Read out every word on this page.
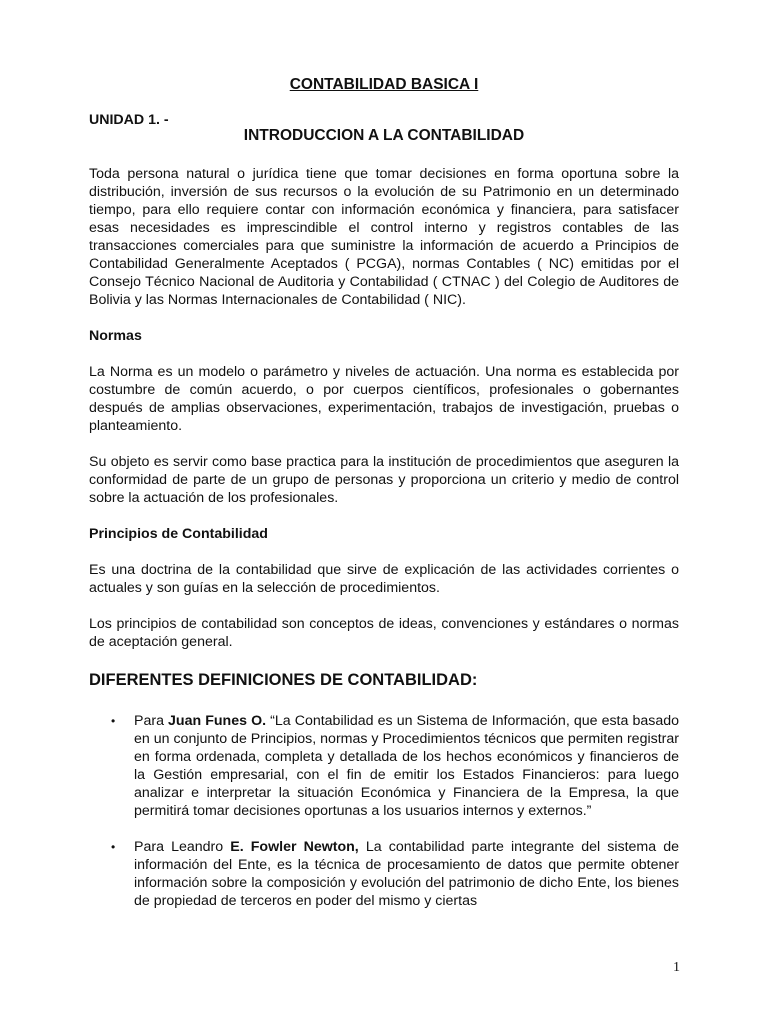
CONTABILIDAD BASICA I
UNIDAD 1. -
INTRODUCCION A LA CONTABILIDAD

Toda persona natural o jurídica tiene que tomar decisiones en forma oportuna sobre la distribución, inversión de sus recursos o la evolución de su Patrimonio en un determinado tiempo, para ello requiere contar con información económica y financiera, para satisfacer esas necesidades es imprescindible el control interno y registros contables de las transacciones comerciales para que suministre la información de acuerdo a Principios de Contabilidad Generalmente Aceptados ( PCGA), normas Contables ( NC) emitidas por el Consejo Técnico Nacional de Auditoria y Contabilidad ( CTNAC ) del Colegio de Auditores de Bolivia y las Normas Internacionales de Contabilidad ( NIC).

Normas

La Norma es un modelo o parámetro y niveles de actuación. Una norma es establecida por costumbre de común acuerdo, o por cuerpos científicos, profesionales o gobernantes después de amplias observaciones, experimentación, trabajos de investigación, pruebas o planteamiento.

Su objeto es servir como base practica para la institución de procedimientos que aseguren la conformidad de parte de un grupo de personas y proporciona un criterio y medio de control sobre la actuación de los profesionales.

Principios de Contabilidad

Es una doctrina de la contabilidad que sirve de explicación de las actividades corrientes o actuales y son guías en la selección de procedimientos.

Los principios de contabilidad son conceptos de ideas, convenciones y estándares o normas de aceptación general.

DIFERENTES DEFINICIONES DE CONTABILIDAD:
• Para Juan Funes O. “La Contabilidad es un Sistema de Información, que esta basado en un conjunto de Principios, normas y Procedimientos técnicos que permiten registrar en forma ordenada, completa y detallada de los hechos económicos y financieros de la Gestión empresarial, con el fin de emitir los Estados Financieros: para luego analizar e interpretar la situación Económica y Financiera de la Empresa, la que permitirá tomar decisiones oportunas a los usuarios internos y externos.”
• Para Leandro E. Fowler Newton, La contabilidad parte integrante del sistema de información del Ente, es la técnica de procesamiento de datos que permite obtener información sobre la composición y evolución del patrimonio de dicho Ente, los bienes de propiedad de terceros en poder del mismo y ciertas
1
